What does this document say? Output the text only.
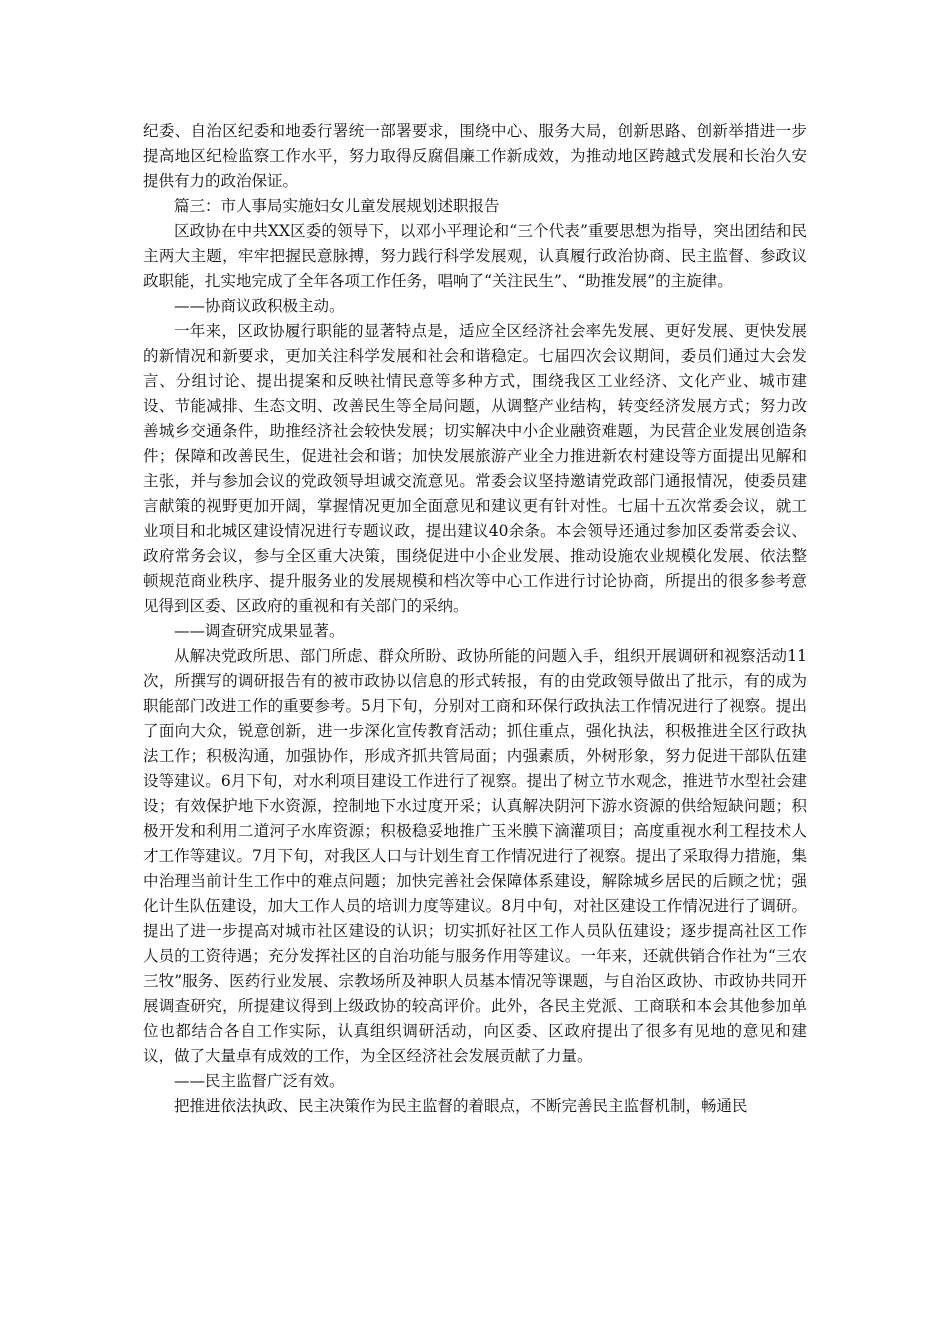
纪委、自治区纪委和地委行署统一部署要求，围绕中心、服务大局，创新思路、创新举措进一步提高地区纪检监察工作水平，努力取得反腐倡廉工作新成效，为推动地区跨越式发展和长治久安提供有力的政治保证。

篇三：市人事局实施妇女儿童发展规划述职报告

区政协在中共XX区委的领导下，以邓小平理论和“三个代表”重要思想为指导，突出团结和民主两大主题，牢牢把握民意脉搏，努力践行科学发展观，认真履行政治协商、民主监督、参政议政职能，扎实地完成了全年各项工作任务，唱响了“关注民生”、“助推发展”的主旋律。

——协商议政积极主动。

一年来，区政协履行职能的显著特点是，适应全区经济社会率先发展、更好发展、更快发展的新情况和新要求，更加关注科学发展和社会和谐稳定。七届四次会议期间，委员们通过大会发言、分组讨论、提出提案和反映社情民意等多种方式，围绕我区工业经济、文化产业、城市建设、节能减排、生态文明、改善民生等全局问题，从调整产业结构，转变经济发展方式；努力改善城乡交通条件，助推经济社会较快发展；切实解决中小企业融资难题，为民营企业发展创造条件；保障和改善民生，促进社会和谐；加快发展旅游产业全力推进新农村建设等方面提出见解和主张，并与参加会议的党政领导坦诚交流意见。常委会议坚持邀请党政部门通报情况，使委员建言献策的视野更加开阔，掌握情况更加全面意见和建议更有针对性。七届十五次常委会议，就工业项目和北城区建设情况进行专题议政，提出建议40余条。本会领导还通过参加区委常委会议、政府常务会议，参与全区重大决策，围绕促进中小企业发展、推动设施农业规模化发展、依法整顿规范商业秩序、提升服务业的发展规模和档次等中心工作进行讨论协商，所提出的很多参考意见得到区委、区政府的重视和有关部门的采纳。

——调查研究成果显著。

从解决党政所思、部门所虑、群众所盼、政协所能的问题入手，组织开展调研和视察活动11次，所撰写的调研报告有的被市政协以信息的形式转报，有的由党政领导做出了批示，有的成为职能部门改进工作的重要参考。5月下旬，分别对工商和环保行政执法工作情况进行了视察。提出了面向大众，锐意创新，进一步深化宣传教育活动；抓住重点，强化执法，积极推进全区行政执法工作；积极沟通，加强协作，形成齐抓共管局面；内强素质，外树形象，努力促进干部队伍建设等建议。6月下旬，对水利项目建设工作进行了视察。提出了树立节水观念，推进节水型社会建设；有效保护地下水资源，控制地下水过度开采；认真解决阴河下游水资源的供给短缺问题；积极开发和利用二道河子水库资源；积极稳妥地推广玉米膜下滴灌项目；高度重视水利工程技术人才工作等建议。7月下旬，对我区人口与计划生育工作情况进行了视察。提出了采取得力措施，集中治理当前计生工作中的难点问题；加快完善社会保障体系建设，解除城乡居民的后顾之忧；强化计生队伍建设，加大工作人员的培训力度等建议。8月中旬，对社区建设工作情况进行了调研。提出了进一步提高对城市社区建设的认识；切实抓好社区工作人员队伍建设；逐步提高社区工作人员的工资待遇；充分发挥社区的自治功能与服务作用等建议。一年来，还就供销合作社为“三农三牧”服务、医药行业发展、宗教场所及神职人员基本情况等课题，与自治区政协、市政协共同开展调查研究，所提建议得到上级政协的较高评价。此外，各民主党派、工商联和本会其他参加单位也都结合各自工作实际，认真组织调研活动，向区委、区政府提出了很多有见地的意见和建议，做了大量卓有成效的工作，为全区经济社会发展贡献了力量。

——民主监督广泛有效。

把推进依法执政、民主决策作为民主监督的着眼点，不断完善民主监督机制，畅通民
